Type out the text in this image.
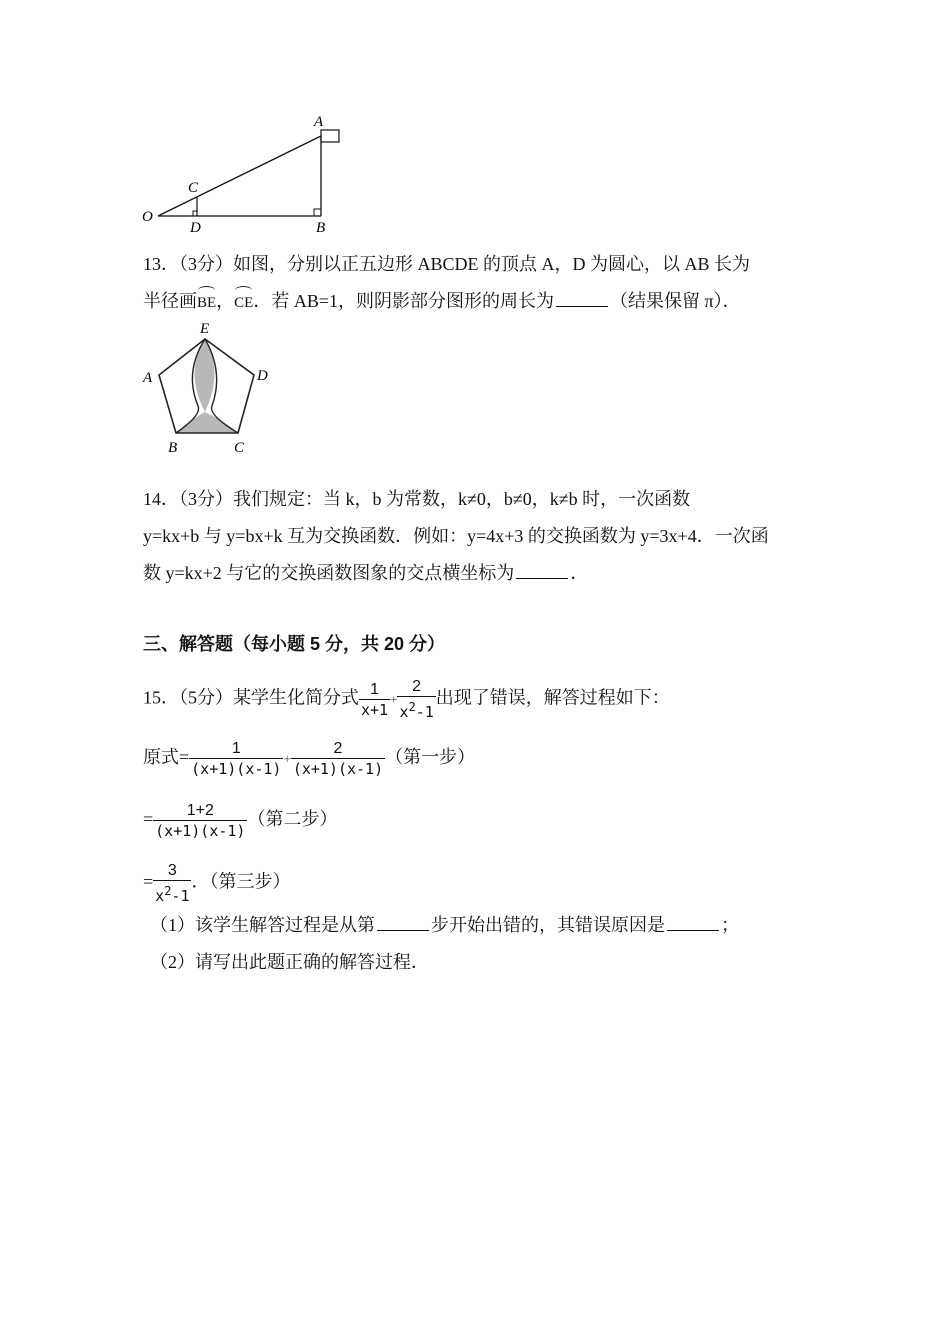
O
C
D
A
B
13．（3分）如图，分别以正五边形 ABCDE 的顶点 A，D 为圆心，以 AB 长为
半径画BE，CE．若 AB=1，则阴影部分图形的周长为	（结果保留 π）．
E
A	D
B	C
14．（3分）我们规定：当 k，b 为常数，k≠0，b≠0，k≠b 时，一次函数
y=kx+b 与 y=bx+k 互为交换函数．例如：y=4x+3 的交换函数为 y=3x+4．一次函
数 y=kx+2 与它的交换函数图象的交点横坐标为	．
三、解答题（每小题 5 分，共 20 分）
15．（5分）某学生化简分式 $\frac{1}{x+1} + \frac{2}{x^2-1}$ 出现了错误，解答过程如下：
原式= $\frac{1}{(x+1)(x-1)} + \frac{2}{(x+1)(x-1)}$ （第一步）
= $\frac{1+2}{(x+1)(x-1)}$ （第二步）
= $\frac{3}{x^2-1}$ ．（第三步）
（1）该学生解答过程是从第	步开始出错的，其错误原因是	；
（2）请写出此题正确的解答过程．
